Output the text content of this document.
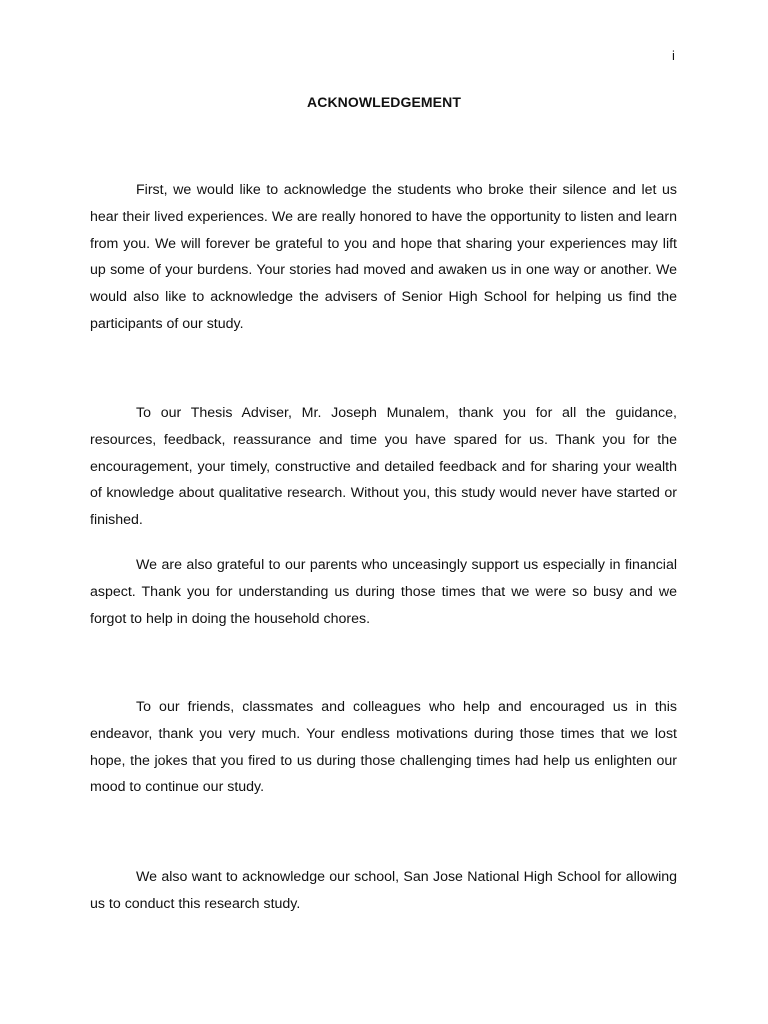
i
ACKNOWLEDGEMENT

First, we would like to acknowledge the students who broke their silence and let us hear their lived experiences. We are really honored to have the opportunity to listen and learn from you. We will forever be grateful to you and hope that sharing your experiences may lift up some of your burdens. Your stories had moved and awaken us in one way or another. We would also like to acknowledge the advisers of Senior High School for helping us find the participants of our study.

To our Thesis Adviser, Mr. Joseph Munalem, thank you for all the guidance, resources, feedback, reassurance and time you have spared for us. Thank you for the encouragement, your timely, constructive and detailed feedback and for sharing your wealth of knowledge about qualitative research. Without you, this study would never have started or finished.

We are also grateful to our parents who unceasingly support us especially in financial aspect. Thank you for understanding us during those times that we were so busy and we forgot to help in doing the household chores.

To our friends, classmates and colleagues who help and encouraged us in this endeavor, thank you very much. Your endless motivations during those times that we lost hope, the jokes that you fired to us during those challenging times had help us enlighten our mood to continue our study.

We also want to acknowledge our school, San Jose National High School for allowing us to conduct this research study.
